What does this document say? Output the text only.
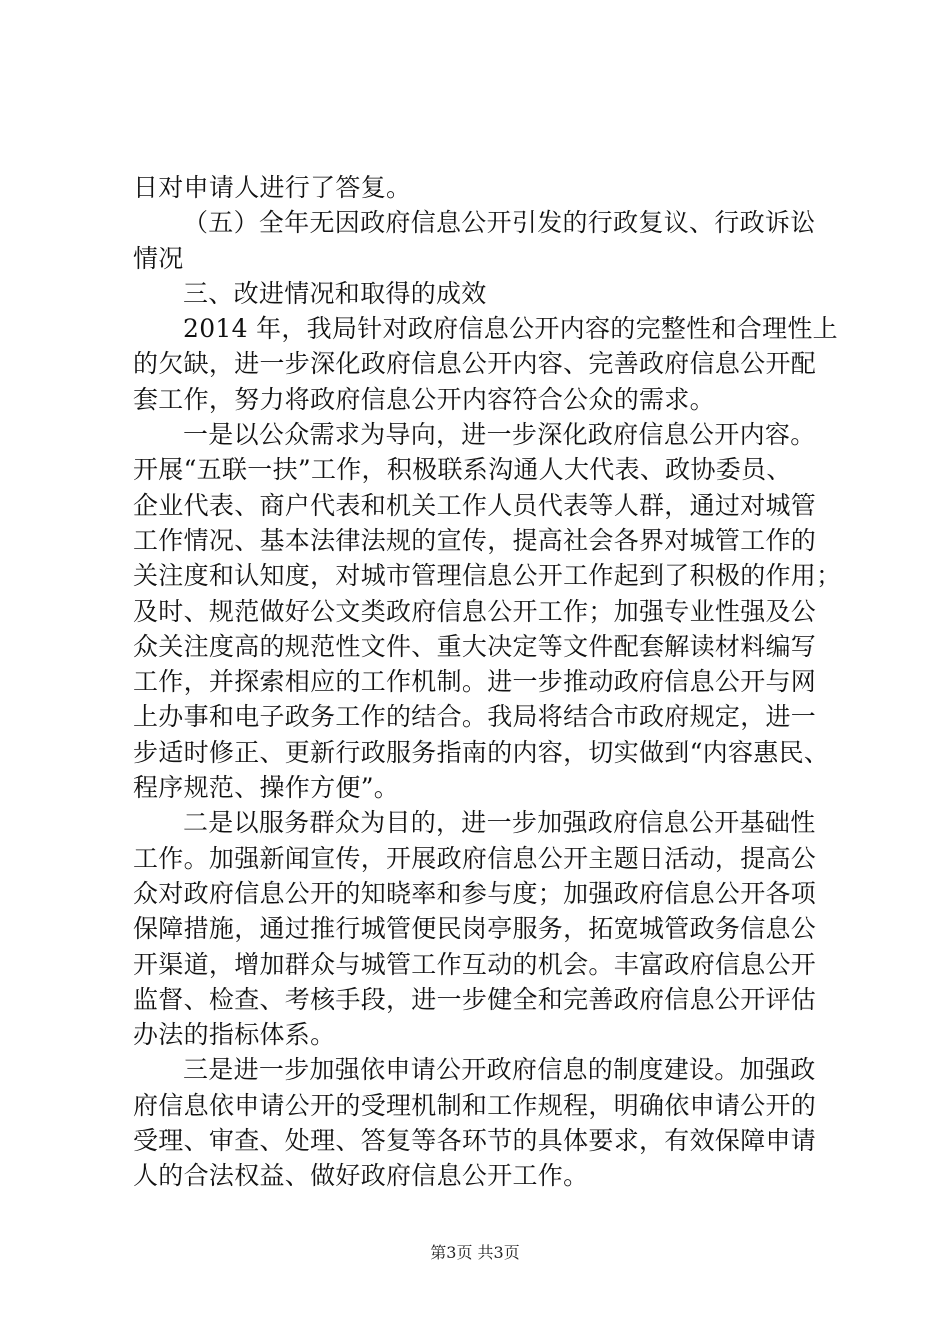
日对申请人进行了答复。
（五）全年无因政府信息公开引发的行政复议、行政诉讼
情况
三、改进情况和取得的成效
2014 年，我局针对政府信息公开内容的完整性和合理性上
的欠缺，进一步深化政府信息公开内容、完善政府信息公开配
套工作，努力将政府信息公开内容符合公众的需求。
一是以公众需求为导向，进一步深化政府信息公开内容。
开展“五联一扶”工作，积极联系沟通人大代表、政协委员、
企业代表、商户代表和机关工作人员代表等人群，通过对城管
工作情况、基本法律法规的宣传，提高社会各界对城管工作的
关注度和认知度，对城市管理信息公开工作起到了积极的作用；
及时、规范做好公文类政府信息公开工作；加强专业性强及公
众关注度高的规范性文件、重大决定等文件配套解读材料编写
工作，并探索相应的工作机制。进一步推动政府信息公开与网
上办事和电子政务工作的结合。我局将结合市政府规定，进一
步适时修正、更新行政服务指南的内容，切实做到“内容惠民、
程序规范、操作方便”。
二是以服务群众为目的，进一步加强政府信息公开基础性
工作。加强新闻宣传，开展政府信息公开主题日活动，提高公
众对政府信息公开的知晓率和参与度；加强政府信息公开各项
保障措施，通过推行城管便民岗亭服务，拓宽城管政务信息公
开渠道，增加群众与城管工作互动的机会。丰富政府信息公开
监督、检查、考核手段，进一步健全和完善政府信息公开评估
办法的指标体系。
三是进一步加强依申请公开政府信息的制度建设。加强政
府信息依申请公开的受理机制和工作规程，明确依申请公开的
受理、审查、处理、答复等各环节的具体要求，有效保障申请
人的合法权益、做好政府信息公开工作。
第3页 共3页
